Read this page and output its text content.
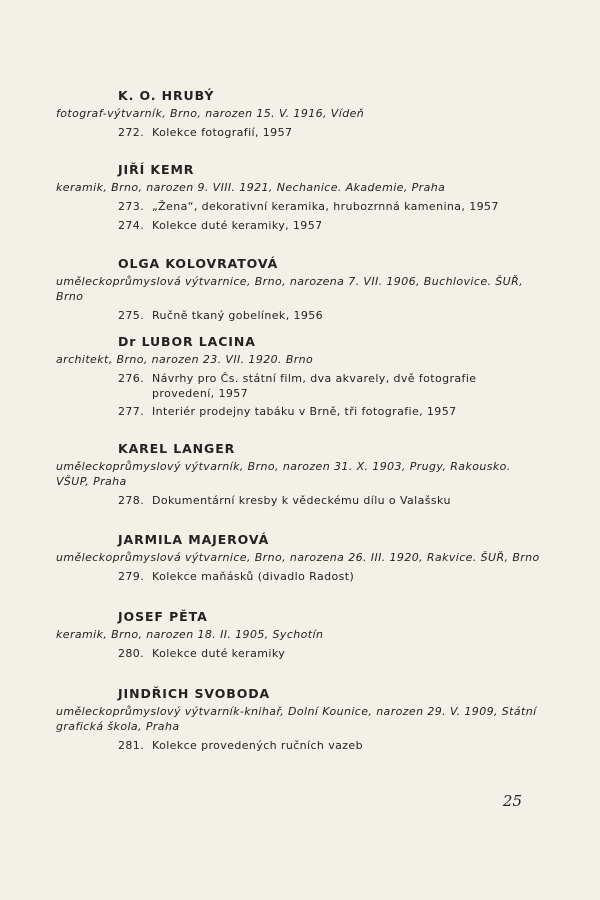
K. O. HRUBÝ
fotograf-výtvarník, Brno, narozen 15. V. 1916, Vídeň
272. Kolekce fotografií, 1957
JIŘÍ KEMR
keramik, Brno, narozen 9. VIII. 1921, Nechanice. Akademie, Praha
273. „Žena“, dekorativní keramika, hrubozrnná kamenina, 1957
274. Kolekce duté keramiky, 1957
OLGA KOLOVRATOVÁ
uměleckoprůmyslová výtvarnice, Brno, narozena 7. VII. 1906, Buchlovice. ŠUŘ, Brno
275. Ručně tkaný gobelínek, 1956
Dr LUBOR LACINA
architekt, Brno, narozen 23. VII. 1920. Brno
276. Návrhy pro Čs. státní film, dva akvarely, dvě fotografie provedení, 1957
277. Interiér prodejny tabáku v Brně, tři fotografie, 1957
KAREL LANGER
uměleckoprůmyslový výtvarník, Brno, narozen 31. X. 1903, Prugy, Rakousko. VŠUP, Praha
278. Dokumentární kresby k vědeckému dílu o Valašsku
JARMILA MAJEROVÁ
uměleckoprůmyslová výtvarnice, Brno, narozena 26. III. 1920, Rakvice. ŠUŘ, Brno
279. Kolekce maňásků (divadlo Radost)
JOSEF PĚTA
keramik, Brno, narozen 18. II. 1905, Sychotín
280. Kolekce duté keramiky
JINDŘICH SVOBODA
uměleckoprůmyslový výtvarník-knihař, Dolní Kounice, narozen 29. V. 1909, Státní grafická škola, Praha
281. Kolekce provedených ručních vazeb
25
